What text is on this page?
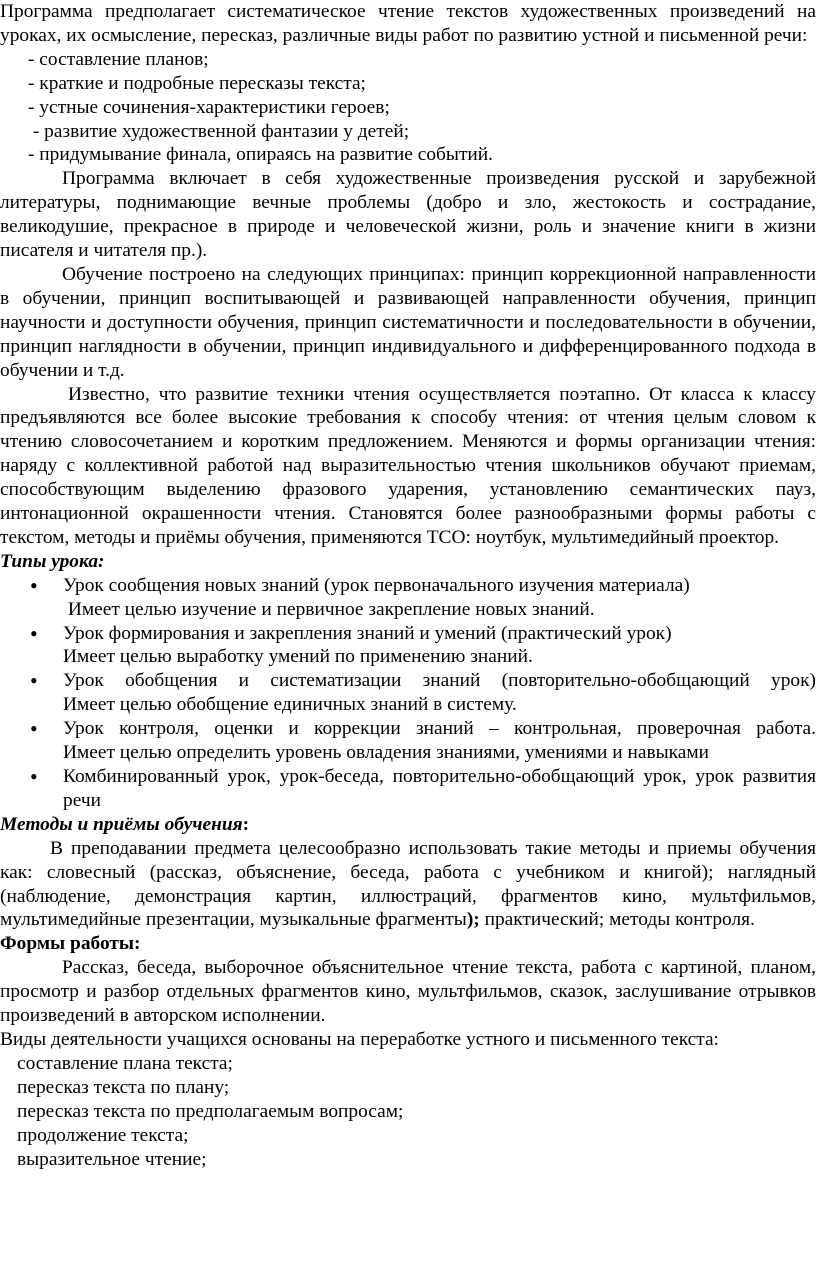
Программа предполагает систематическое чтение текстов художественных произведений на уроках, их осмысление, пересказ, различные виды работ по развитию устной и письменной речи:

- составление планов;

- краткие и подробные пересказы текста;

- устные сочинения-характеристики героев;

- развитие художественной фантазии у детей;

- придумывание финала, опираясь на развитие событий.

Программа включает в себя художественные произведения русской и зарубежной литературы, поднимающие вечные проблемы (добро и зло, жестокость и сострадание, великодушие, прекрасное в природе и человеческой жизни, роль и значение книги в жизни писателя и читателя пр.).

Обучение построено на следующих принципах: принцип коррекционной направленности в обучении, принцип воспитывающей и развивающей направленности обучения, принцип научности и доступности обучения, принцип систематичности и последовательности в обучении, принцип наглядности в обучении, принцип индивидуального и дифференцированного подхода в обучении и т.д.

Известно, что развитие техники чтения осуществляется поэтапно. От класса к классу предъявляются все более высокие требования к способу чтения: от чтения целым словом к чтению словосочетанием и коротким предложением. Меняются и формы организации чтения: наряду с коллективной работой над выразительностью чтения школьников обучают приемам, способствующим выделению фразового ударения, установлению семантических пауз, интонационной окрашенности чтения. Становятся более разнообразными формы работы с текстом, методы и приёмы обучения, применяются ТСО: ноутбук, мультимедийный проектор.

Типы урока:

• Урок сообщения новых знаний (урок первоначального изучения материала)
Имеет целью изучение и первичное закрепление новых знаний.
• Урок формирования и закрепления знаний и умений (практический урок)
Имеет целью выработку умений по применению знаний.
• Урок обобщения и систематизации знаний (повторительно-обобщающий урок)
Имеет целью обобщение единичных знаний в систему.
• Урок контроля, оценки и коррекции знаний – контрольная, проверочная работа.
Имеет целью определить уровень овладения знаниями, умениями и навыками
• Комбинированный урок, урок-беседа, повторительно-обобщающий урок, урок развития речи

Методы и приёмы обучения:

В преподавании предмета целесообразно использовать такие методы и приемы обучения как: словесный (рассказ, объяснение, беседа, работа с учебником и книгой); наглядный (наблюдение, демонстрация картин, иллюстраций, фрагментов кино, мультфильмов, мультимедийные презентации, музыкальные фрагменты); практический; методы контроля.

Формы работы:

Рассказ, беседа, выборочное объяснительное чтение текста, работа с картиной, планом, просмотр и разбор отдельных фрагментов кино, мультфильмов, сказок, заслушивание отрывков произведений в авторском исполнении.

Виды деятельности учащихся основаны на переработке устного и письменного текста:

составление плана текста;

пересказ текста по плану;

пересказ текста по предполагаемым вопросам;

продолжение текста;

выразительное чтение;
